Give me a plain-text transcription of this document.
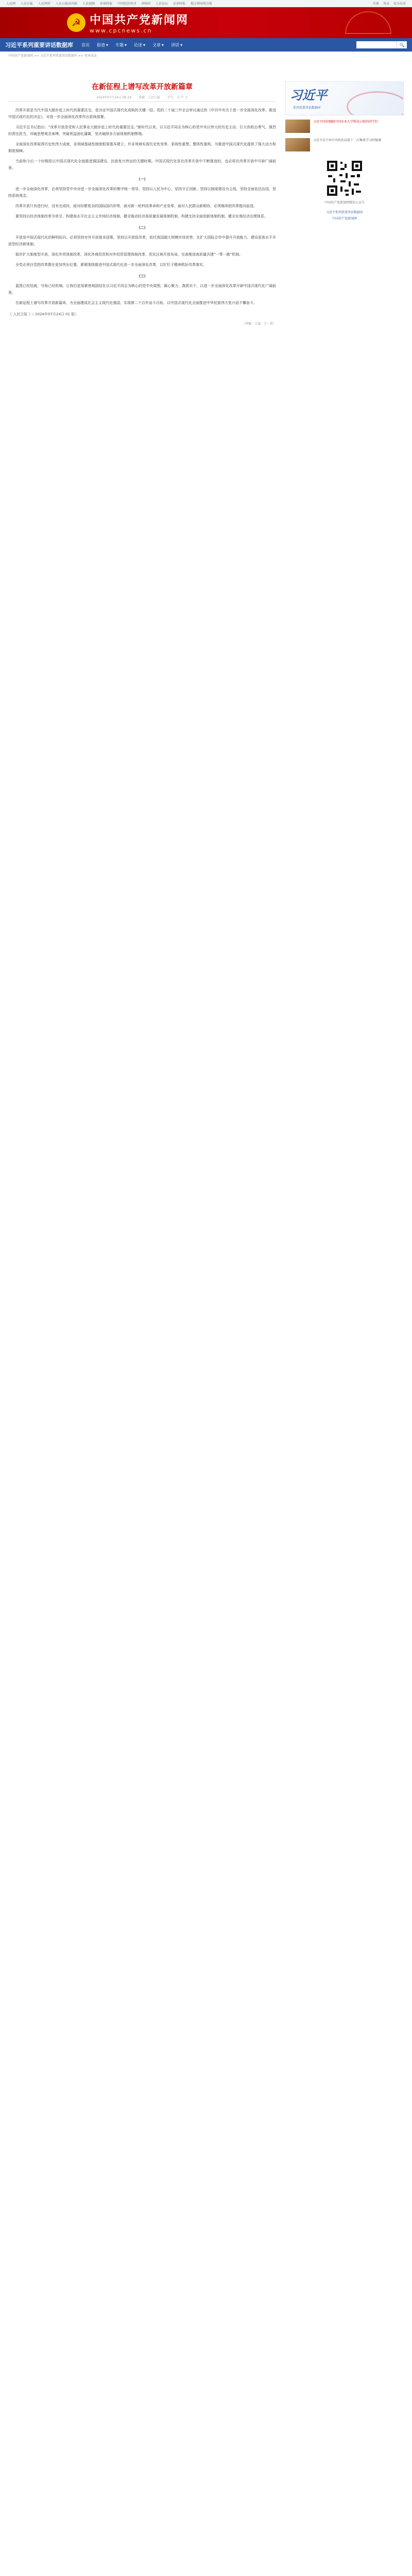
人民网 人民日报 人民网评 人民日报海外版 人民视频 环球时报 中国经济周刊 讲师团 人民论坛 证券时报 地方领导留言板	注册 登录 设为首页
☭ 中国共产党新闻网
www.cpcnews.cn
习近平系列重要讲话数据库 首页 报道 ▾ 专题 ▾ 论述 ▾ 文章 ▾ 讲话 ▾	🔍
中国共产党新闻网 >> 习近平系列重要讲话数据库 >> 领导活动
在新征程上谱写改革开放新篇章
2024年07月24日 08:19 来源：人民日报 字号：大 中 小

改革开放是当代中国大踏步赶上时代的重要法宝，是决定中国式现代化成败的关键一招。党的二十届三中全会审议通过的《中共中央关于进一步全面深化改革、推进中国式现代化的决定》，对进一步全面深化改革作出系统部署。

习近平总书记指出：“改革开放是党和人民事业大踏步赶上时代的重要法宝。”新时代以来，以习近平同志为核心的党中央以伟大的历史主动、巨大的政治勇气、强烈的责任担当，冲破思想观念束缚，突破利益固化藩篱，坚决破除各方面体制机制弊端。

全面深化改革取得历史性伟大成就，各领域基础性制度框架基本建立，许多领域实现历史性变革、系统性重塑、整体性重构，为推进中国式现代化提供了强大动力和制度保障。

当前和今后一个时期是以中国式现代化全面推进强国建设、民族复兴伟业的关键时期。中国式现代化是在改革开放中不断推进的，也必将在改革开放中开辟广阔前景。

（一）

进一步全面深化改革，必须坚持党中央对进一步全面深化改革的集中统一领导，坚持以人民为中心，坚持守正创新，坚持以制度建设为主线，坚持全面依法治国，坚持系统观念。

改革开放只有进行时，没有完成时。面对纷繁复杂的国际国内形势，面对新一轮科技革命和产业变革，面对人民群众新期待，必须继续把改革推向前进。

要坚持以经济体制改革为牵引，构建高水平社会主义市场经济体制，健全推动经济高质量发展体制机制，构建支持全面创新体制机制，健全宏观经济治理体系。

（二）

开放是中国式现代化的鲜明标识。必须坚持对外开放基本国策，坚持以开放促改革，依托我国超大规模市场优势，在扩大国际合作中提升开放能力，建设更高水平开放型经济新体制。

稳步扩大制度型开放，深化外贸体制改革，深化外商投资和对外投资管理体制改革，优化区域开放布局，完善推进高质量共建“一带一路”机制。

全党必须自觉把改革摆在更加突出位置，紧紧围绕推进中国式现代化进一步全面深化改革，以钉钉子精神抓好改革落实。

（三）

蓝图已经绘就，号角已经吹响。让我们更加紧密地团结在以习近平同志为核心的党中央周围，凝心聚力、真抓实干，以进一步全面深化改革开辟中国式现代化广阔前景。

在新征程上谱写改革开放新篇章，为全面建成社会主义现代化强国、实现第二个百年奋斗目标，以中国式现代化全面推进中华民族伟大复兴而不懈奋斗。

《 人民日报 》（ 2024年07月24日 01 版）
（责编：王淼、王一苗）
习近平
系列重要讲话数据库
习近平回信勉励中国农业大学科技小院的同学们
习近平在中共中央政治局第十二次集体学习时强调
中国共产党新闻网微信公众号
习近平系列重要讲话数据库
中国共产党新闻网
